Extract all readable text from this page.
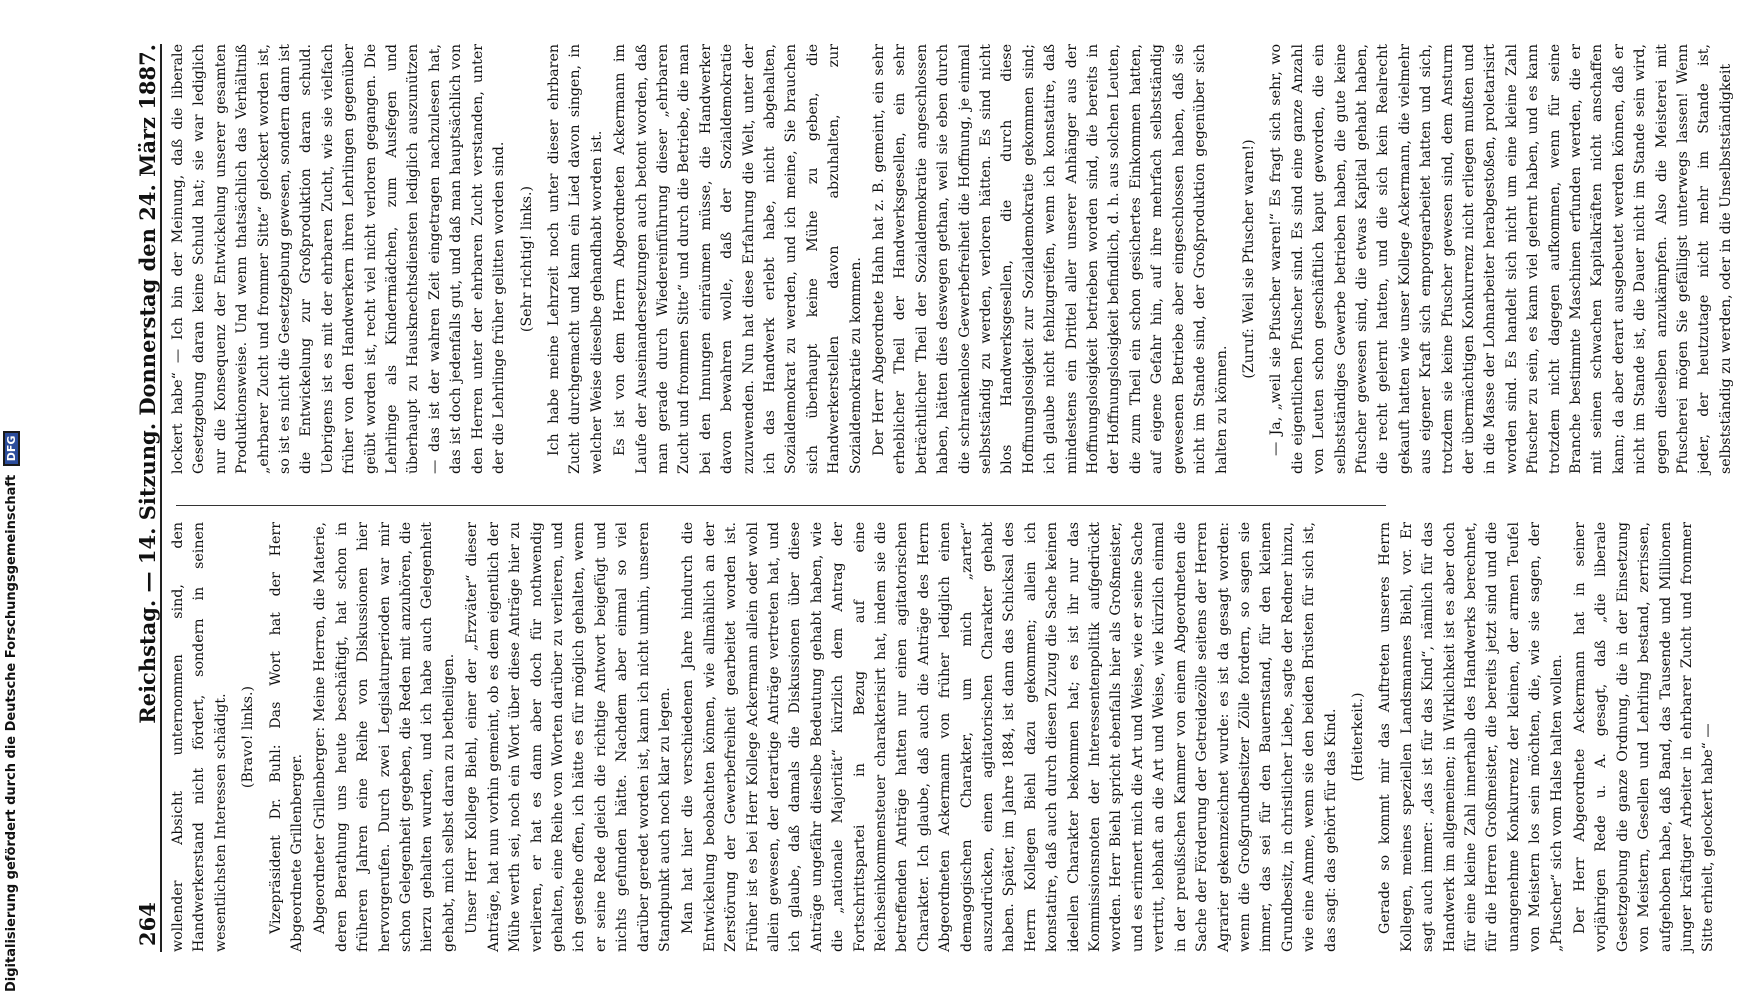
Digitalisierung gefördert durch die Deutsche Forschungsgemeinschaft DFG
264
Reichstag. — 14. Sitzung. Donnerstag den 24. März 1887.

wollender Absicht unternommen sind, den Handwerkerstand nicht fördert, sondern in seinen wesentlichsten Interessen schädigt. (Bravo! links.) Vizepräsident Dr. Buhl: Das Wort hat der Herr Abgeordnete Grillenberger. Abgeordneter Grillenberger: Meine Herren, die Materie, deren Berathung uns heute beschäftigt, hat schon in früheren Jahren eine Reihe von Diskussionen hier hervorgerufen. Durch zwei Legislaturperioden war mir schon Gelegenheit gegeben, die Reden mit anzuhören, die hierzu gehalten wurden, und ich habe auch Gelegenheit gehabt, mich selbst daran zu betheiligen. Unser Herr Kollege Biehl, einer der „Erzväter“ dieser Anträge, hat nun vorhin gemeint, ob es dem eigentlich der Mühe werth sei, noch ein Wort über diese Anträge hier zu verlieren, er hat es dann aber doch für nothwendig gehalten, eine Reihe von Worten darüber zu verlieren, und ich gestehe offen, ich hätte es für möglich gehalten, wenn er seine Rede gleich die richtige Antwort beigefügt und nichts gefunden hätte. Nachdem aber einmal so viel darüber geredet worden ist, kann ich nicht umhin, unseren Standpunkt auch noch klar zu legen. Man hat hier die verschiedenen Jahre hindurch die Entwickelung beobachten können, wie allmählich an der Zerstörung der Gewerbefreiheit gearbeitet worden ist. Früher ist es bei Herr Kollege Ackermann allein oder wohl allein gewesen, der derartige Anträge vertreten hat, und ich glaube, daß damals die Diskussionen über diese Anträge ungefähr dieselbe Bedeutung gehabt haben, wie die „nationale Majorität“ kürzlich dem Antrag der Fortschrittspartei in Bezug auf eine Reichseinkommensteuer charakterisirt hat, indem sie die betreffenden Anträge hatten nur einen agitatorischen Charakter. Ich glaube, daß auch die Anträge des Herrn Abgeordneten Ackermann von früher lediglich einen demagogischen Charakter, um mich „zarter“ auszudrücken, einen agitatorischen Charakter gehabt haben. Später, im Jahre 1884, ist dann das Schicksal des Herrn Kollegen Biehl dazu gekommen; allein ich konstatire, daß auch durch diesen Zuzug die Sache keinen ideellen Charakter bekommen hat; es ist ihr nur das Kommissionsnoten der Interessentenpolitik aufgedrückt worden. Herr Biehl spricht ebenfalls hier als Großmeister, und es erinnert mich die Art und Weise, wie er seine Sache vertritt, lebhaft an die Art und Weise, wie kürzlich einmal in der preußischen Kammer von einem Abgeordneten die Sache der Förderung der Getreidezölle seitens der Herren Agrarier gekennzeichnet wurde: es ist da gesagt worden: wenn die Großgrundbesitzer Zölle fordern, so sagen sie immer, das sei für den Bauernstand, für den kleinen Grundbesitz, in christlicher Liebe, sagte der Redner hinzu, wie eine Amme, wenn sie den beiden Brüsten für sich ist, das sagt: das gehört für das Kind. (Heiterkeit.) Gerade so kommt mir das Auftreten unseres Herrn Kollegen, meines speziellen Landsmannes Biehl, vor. Er sagt auch immer: „das ist für das Kind“, nämlich für das Handwerk im allgemeinen; in Wirklichkeit ist es aber doch für eine kleine Zahl innerhalb des Handwerks berechnet, für die Herren Großmeister, die bereits jetzt sind und die unangenehme Konkurrenz der kleinen, der armen Teufel von Meistern los sein möchten, die, wie sie sagen, der „Pfuscher“ sich vom Halse halten wollen. Der Herr Abgeordnete Ackermann hat in seiner vorjährigen Rede u. A. gesagt, daß „die liberale Gesetzgebung die ganze Ordnung, die in der Einsetzung von Meistern, Gesellen und Lehrling bestand, zerrissen, aufgehoben habe, daß Band, das Tausende und Millionen junger kräftiger Arbeiter in ehrbarer Zucht und frommer Sitte erhielt, gelockert habe“ —

lockert habe“ — Ich bin der Meinung, daß die liberale Gesetzgebung daran keine Schuld hat; sie war lediglich nur die Konsequenz der Entwickelung unserer gesamten Produktionsweise. Und wenn thatsächlich das Verhältniß „ehrbarer Zucht und frommer Sitte“ gelockert worden ist, so ist es nicht die Gesetzgebung gewesen, sondern dann ist die Entwickelung zur Großproduktion daran schuld. Uebrigens ist es mit der ehrbaren Zucht, wie sie vielfach früher von den Handwerkern ihren Lehrlingen gegenüber geübt worden ist, recht viel nicht verloren gegangen. Die Lehrlinge als Kindermädchen, zum Ausfegen und überhaupt zu Hausknechtsdiensten lediglich auszunützen — das ist der wahren Zeit eingetragen nachzulesen hat, das ist doch jedenfalls gut, und daß man hauptsächlich von den Herren unter der ehrbaren Zucht verstanden, unter der die Lehrlinge früher gelitten worden sind. (Sehr richtig! links.) Ich habe meine Lehrzeit noch unter dieser ehrbaren Zucht durchgemacht und kann ein Lied davon singen, in welcher Weise dieselbe gehandhabt worden ist. Es ist von dem Herrn Abgeordneten Ackermann im Laufe der Auseinandersetzungen auch betont worden, daß man gerade durch Wiedereinführung dieser „ehrbaren Zucht und frommen Sitte“ und durch die Betriebe, die man bei den Innungen einräumen müsse, die Handwerker davon bewahren wolle, daß der Sozialdemokratie zuzuwenden. Nun hat diese Erfahrung die Welt, unter der ich das Handwerk erlebt habe, nicht abgehalten, Sozialdemokrat zu werden, und ich meine, Sie brauchen sich überhaupt keine Mühe zu geben, die Handwerkerstellen davon abzuhalten, zur Sozialdemokratie zu kommen. Der Herr Abgeordnete Hahn hat z. B. gemeint, ein sehr erheblicher Theil der Handwerksgesellen, ein sehr beträchtlicher Theil der Sozialdemokratie angeschlossen haben, hätten dies deswegen gethan, weil sie eben durch die schrankenlose Gewerbefreiheit die Hoffnung, je einmal selbstständig zu werden, verloren hätten. Es sind nicht blos Handwerksgesellen, die durch diese Hoffnungslosigkeit zur Sozialdemokratie gekommen sind; ich glaube nicht fehlzugreifen, wenn ich konstatire, daß mindestens ein Drittel aller unserer Anhänger aus der Hoffnungslosigkeit betrieben worden sind, die bereits in der Hoffnungslosigkeit befindlich, d. h. aus solchen Leuten, die zum Theil ein schon gesichertes Einkommen hatten, auf eigene Gefahr hin, auf ihre mehrfach selbstständig gewesenen Betriebe aber eingeschlossen haben, daß sie nicht im Stande sind, der Großproduktion gegenüber sich halten zu können.

(Zuruf: Weil sie Pfuscher waren!) — Ja, „weil sie Pfuscher waren!“ Es fragt sich sehr, wo die eigentlichen Pfuscher sind. Es sind eine ganze Anzahl von Leuten schon geschäftlich kaput geworden, die ein selbstständiges Gewerbe betrieben haben, die gute keine Pfuscher gewesen sind, die etwas Kapital gehabt haben, die recht gelernt hatten, und die sich kein Realrecht gekauft hatten wie unser Kollege Ackermann, die vielmehr aus eigener Kraft sich emporgearbeitet hatten und sich, trotzdem sie keine Pfuscher gewesen sind, dem Ansturm der übermächtigen Konkurrenz nicht erliegen mußten und in die Masse der Lohnarbeiter herabgestoßen, proletarisirt worden sind. Es handelt sich nicht um eine kleine Zahl Pfuscher zu sein, es kann viel gelernt haben, und es kann trotzdem nicht dagegen aufkommen, wenn für seine Branche bestimmte Maschinen erfunden werden, die er mit seinen schwachen Kapitalkräften nicht anschaffen kann; da aber derart ausgebeutet werden können, daß er nicht im Stande ist, die Dauer nicht im Stande sein wird, gegen dieselben anzukämpfen. Also die Meisterei mit Pfuscherei mögen Sie gefälligst unterwegs lassen! Wenn jeder, der heutzutage nicht mehr im Stande ist, selbstständig zu werden, oder in die Unselbstständigkeit
